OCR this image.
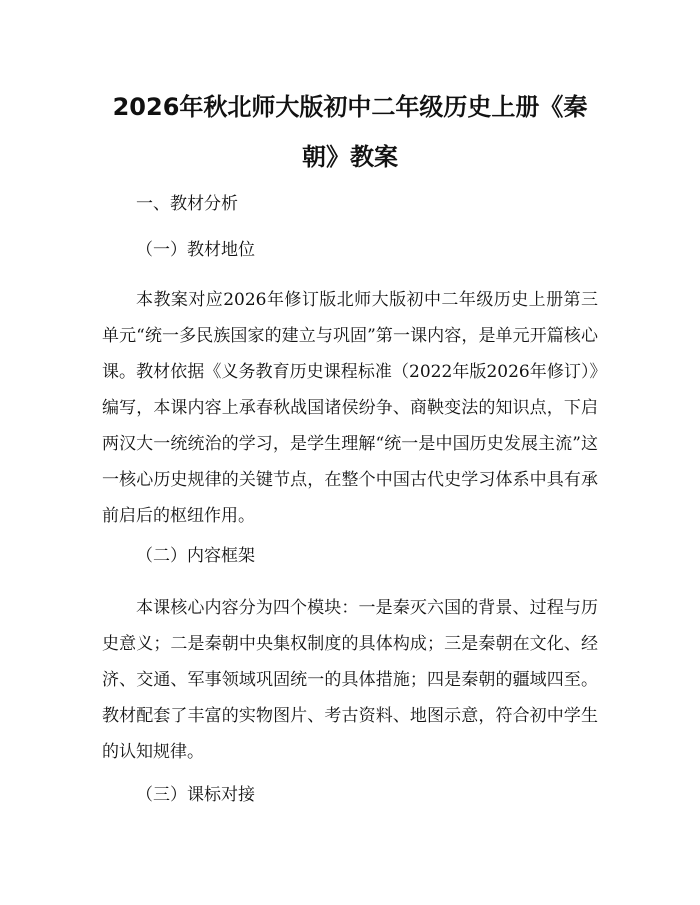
2026年秋北师大版初中二年级历史上册《秦朝》教案

一、教材分析

（一）教材地位

本教案对应2026年修订版北师大版初中二年级历史上册第三单元“统一多民族国家的建立与巩固”第一课内容，是单元开篇核心课。教材依据《义务教育历史课程标准（2022年版2026年修订）》编写，本课内容上承春秋战国诸侯纷争、商鞅变法的知识点，下启两汉大一统统治的学习，是学生理解“统一是中国历史发展主流”这一核心历史规律的关键节点，在整个中国古代史学习体系中具有承前启后的枢纽作用。

（二）内容框架

本课核心内容分为四个模块：一是秦灭六国的背景、过程与历史意义；二是秦朝中央集权制度的具体构成；三是秦朝在文化、经济、交通、军事领域巩固统一的具体措施；四是秦朝的疆域四至。教材配套了丰富的实物图片、考古资料、地图示意，符合初中学生的认知规律。

（三）课标对接
